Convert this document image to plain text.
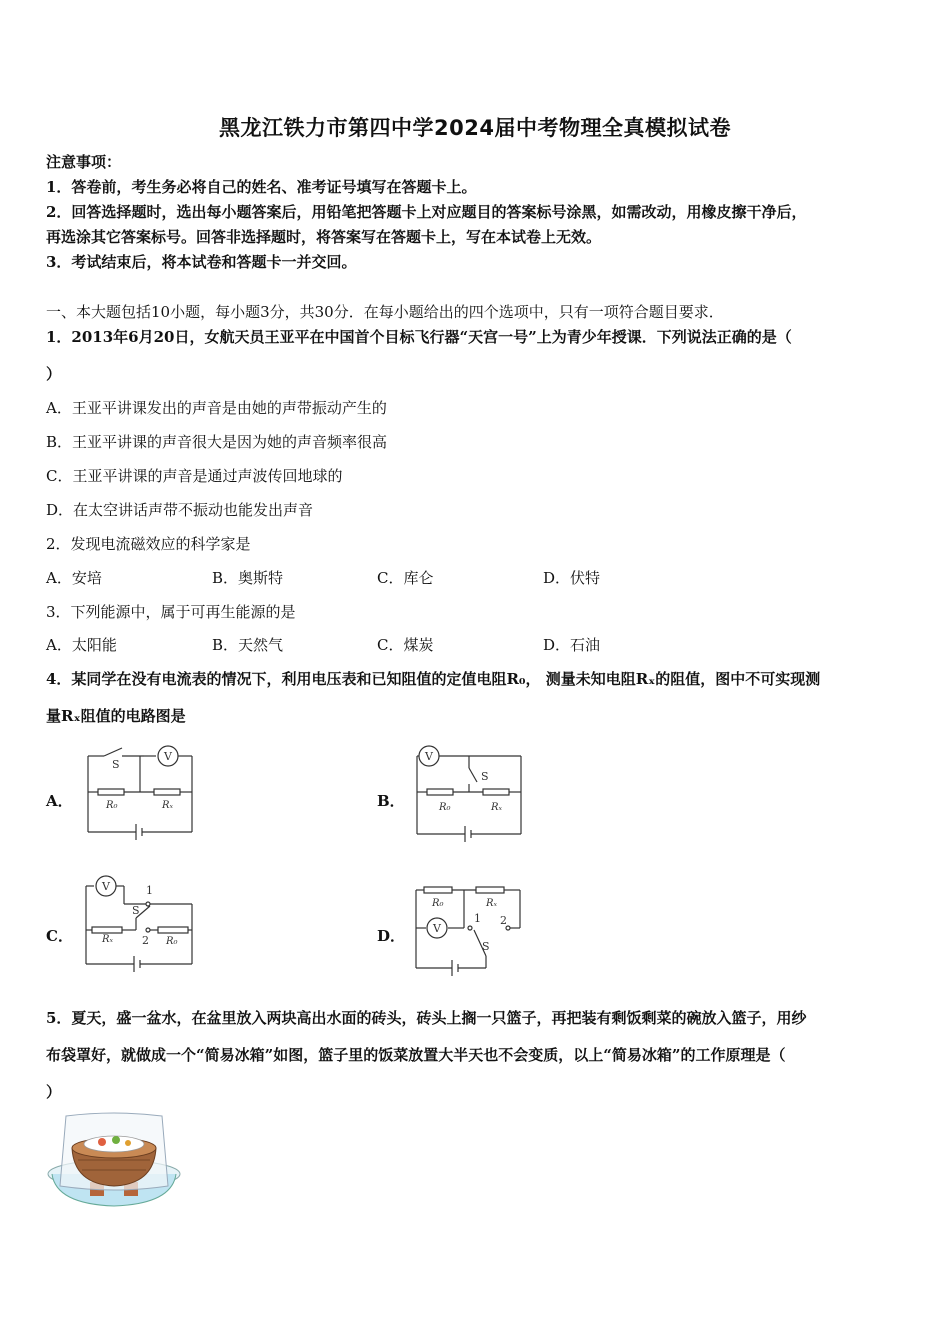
黑龙江铁力市第四中学2024届中考物理全真模拟试卷
注意事项：
1．答卷前，考生务必将自己的姓名、准考证号填写在答题卡上。
2．回答选择题时，选出每小题答案后，用铅笔把答题卡上对应题目的答案标号涂黑，如需改动，用橡皮擦干净后，
再选涂其它答案标号。回答非选择题时，将答案写在答题卡上，写在本试卷上无效。
3．考试结束后，将本试卷和答题卡一并交回。
一、本大题包括10小题，每小题3分，共30分．在每小题给出的四个选项中，只有一项符合题目要求．
1．2013年6月20日，女航天员王亚平在中国首个目标飞行器“天宫一号”上为青少年授课．下列说法正确的是（
）
A．王亚平讲课发出的声音是由她的声带振动产生的
B．王亚平讲课的声音很大是因为她的声音频率很高
C．王亚平讲课的声音是通过声波传回地球的
D．在太空讲话声带不振动也能发出声音
2．发现电流磁效应的科学家是
A．安培	B．奥斯特	C．库仑	D．伏特
3．下列能源中，属于可再生能源的是
A．太阳能	B．天然气	C．煤炭	D．石油
4．某同学在没有电流表的情况下，利用电压表和已知阻值的定值电阻R₀， 测量未知电阻Rₓ的阻值，图中不可实现测
量Rₓ阻值的电路图是
A．
S
V
R₀	Rₓ	B．
V
S
R₀	Rₓ
C．
V	1
S
2
Rₓ	R₀	D．
R₀	Rₓ
V
1 2
S
5．夏天，盛一盆水，在盆里放入两块高出水面的砖头，砖头上搁一只篮子，再把装有剩饭剩菜的碗放入篮子，用纱
布袋罩好，就做成一个“简易冰箱”如图，篮子里的饭菜放置大半天也不会变质，以上“简易冰箱”的工作原理是（
）
